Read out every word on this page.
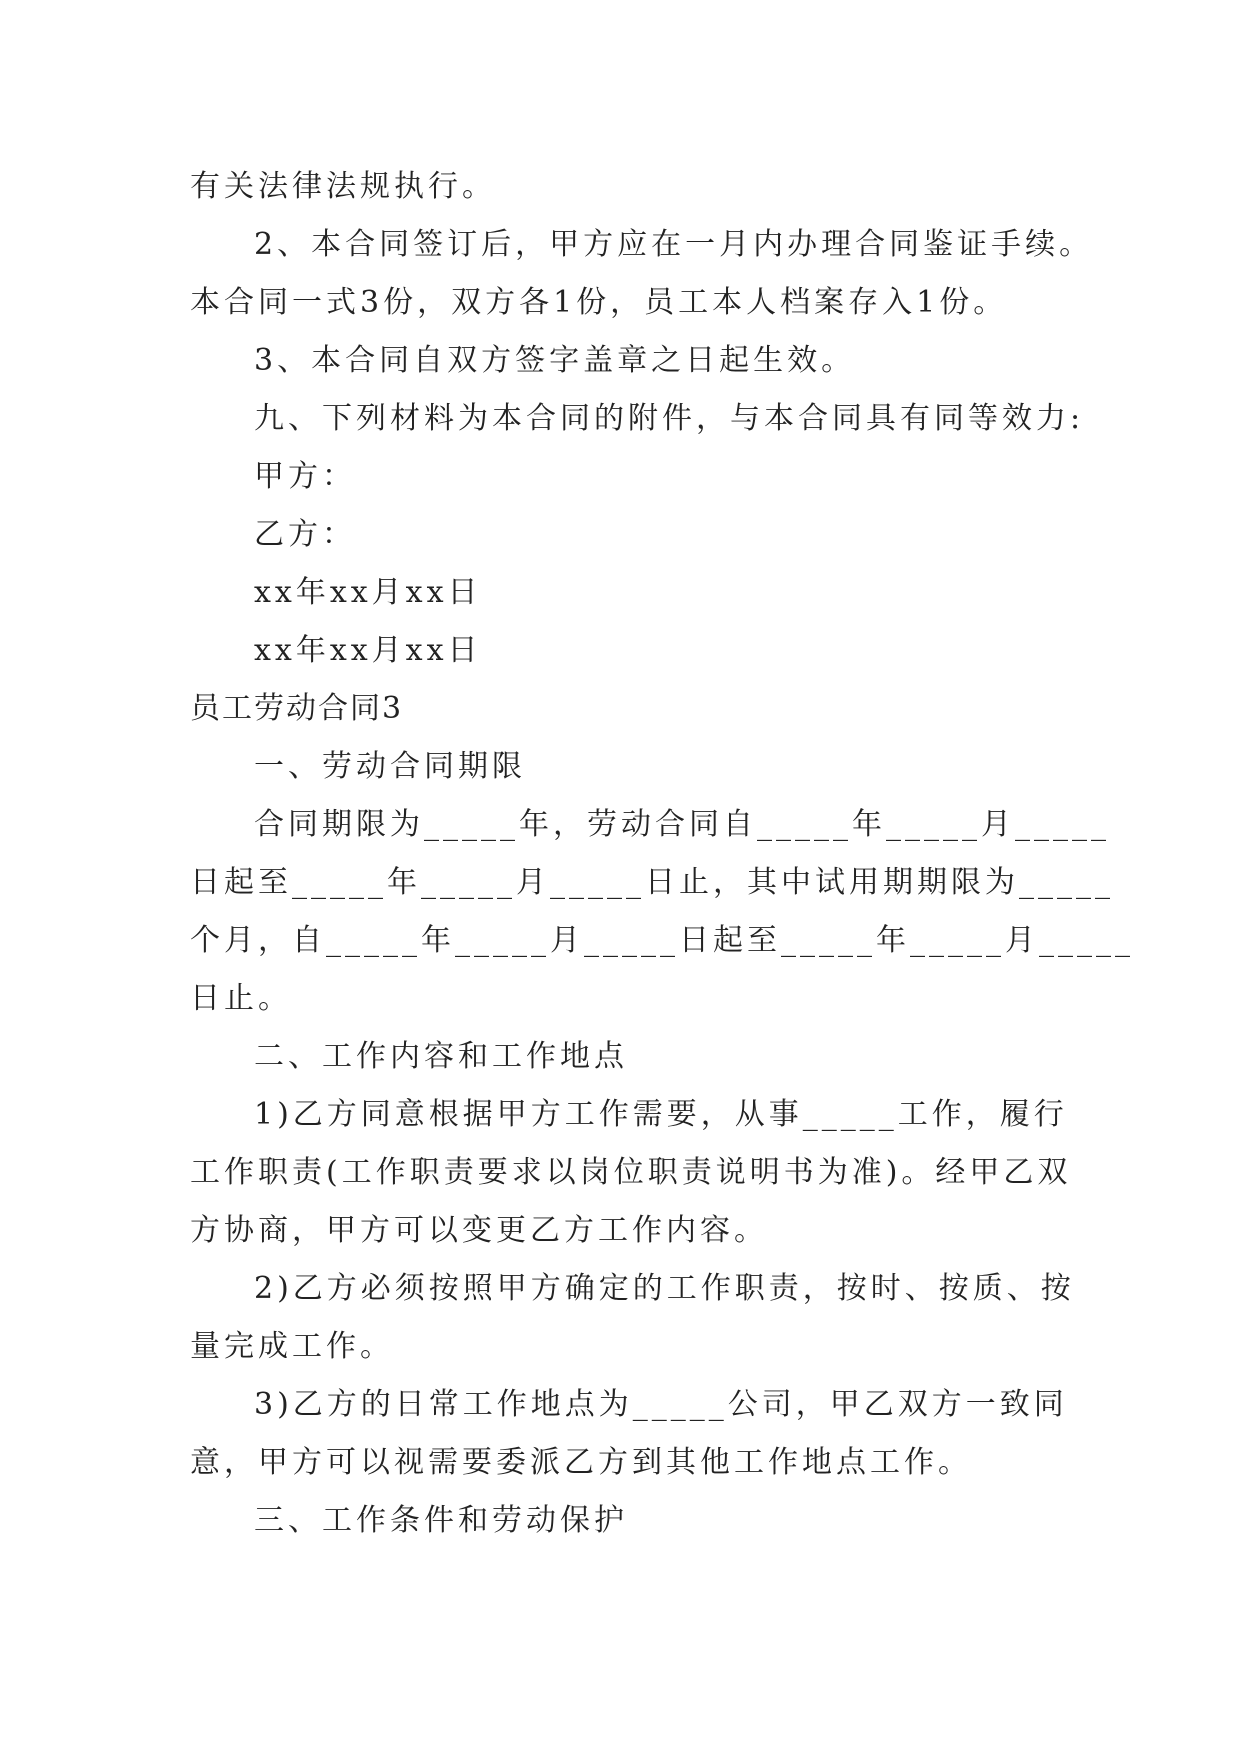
有关法律法规执行。
2、本合同签订后，甲方应在一月内办理合同鉴证手续。
本合同一式3份，双方各1份，员工本人档案存入1份。
3、本合同自双方签字盖章之日起生效。
九、下列材料为本合同的附件，与本合同具有同等效力:
甲方：
乙方：
xx年xx月xx日
xx年xx月xx日
员工劳动合同3
一、劳动合同期限
合同期限为_____年，劳动合同自_____年_____月_____
日起至_____年_____月_____日止，其中试用期期限为_____
个月，自_____年_____月_____日起至_____年_____月_____
日止。
二、工作内容和工作地点
1)乙方同意根据甲方工作需要，从事_____工作，履行
工作职责(工作职责要求以岗位职责说明书为准)。经甲乙双
方协商，甲方可以变更乙方工作内容。
2)乙方必须按照甲方确定的工作职责，按时、按质、按
量完成工作。
3)乙方的日常工作地点为_____公司，甲乙双方一致同
意，甲方可以视需要委派乙方到其他工作地点工作。
三、工作条件和劳动保护
